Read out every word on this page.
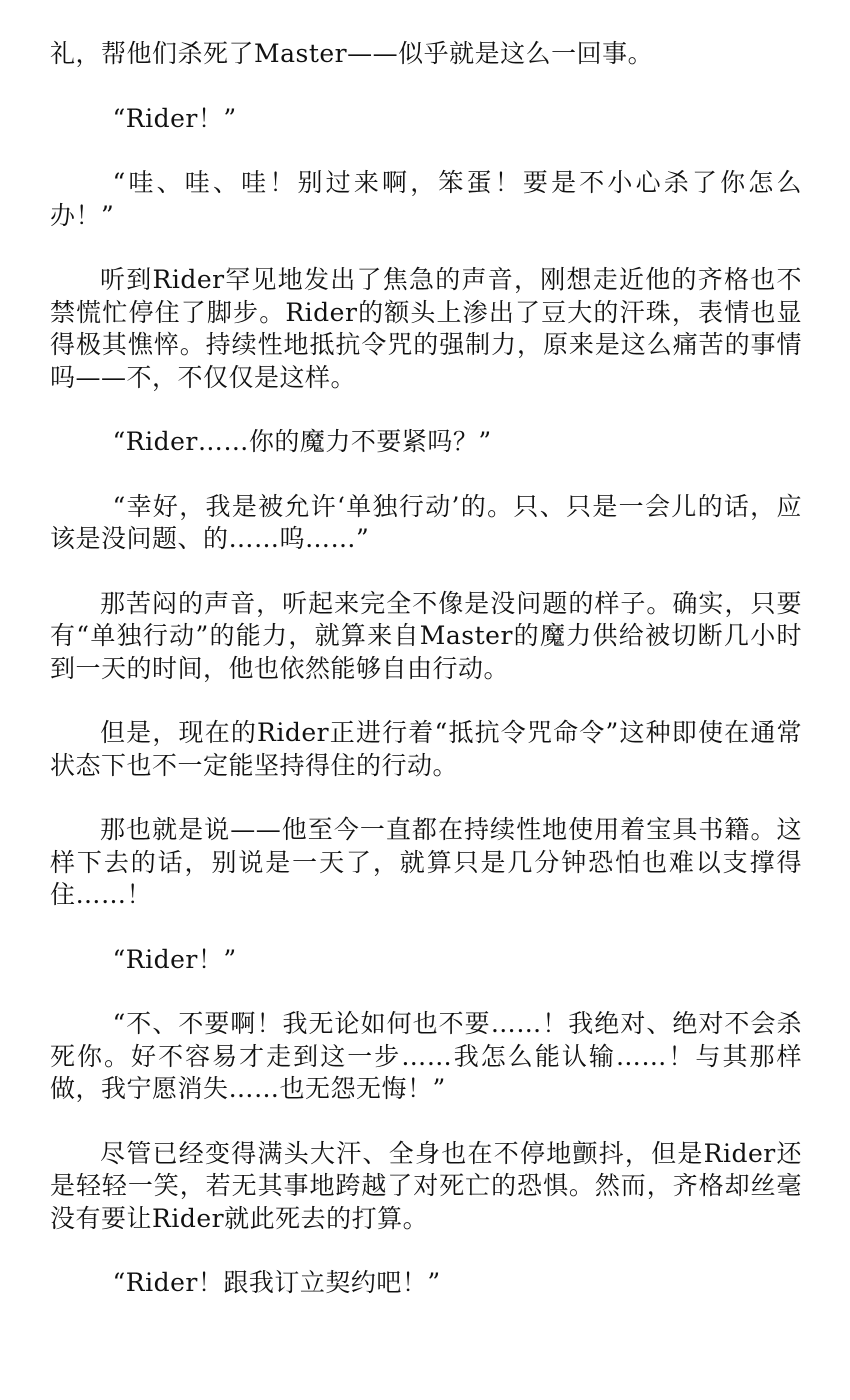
礼，帮他们杀死了Master——似乎就是这么一回事。

“Rider！”

“哇、哇、哇！别过来啊，笨蛋！要是不小心杀了你怎么办！”

听到Rider罕见地发出了焦急的声音，刚想走近他的齐格也不禁慌忙停住了脚步。Rider的额头上渗出了豆大的汗珠，表情也显得极其憔悴。持续性地抵抗令咒的强制力，原来是这么痛苦的事情吗——不，不仅仅是这样。

“Rider……你的魔力不要紧吗？”

“幸好，我是被允许‘单独行动’的。只、只是一会儿的话，应该是没问题、的……呜……”

那苦闷的声音，听起来完全不像是没问题的样子。确实，只要有“单独行动”的能力，就算来自Master的魔力供给被切断几小时到一天的时间，他也依然能够自由行动。

但是，现在的Rider正进行着“抵抗令咒命令”这种即使在通常状态下也不一定能坚持得住的行动。

那也就是说——他至今一直都在持续性地使用着宝具书籍。这样下去的话，别说是一天了，就算只是几分钟恐怕也难以支撑得住……！

“Rider！”

“不、不要啊！我无论如何也不要……！我绝对、绝对不会杀死你。好不容易才走到这一步……我怎么能认输……！与其那样做，我宁愿消失……也无怨无悔！”

尽管已经变得满头大汗、全身也在不停地颤抖，但是Rider还是轻轻一笑，若无其事地跨越了对死亡的恐惧。然而，齐格却丝毫没有要让Rider就此死去的打算。

“Rider！跟我订立契约吧！”
